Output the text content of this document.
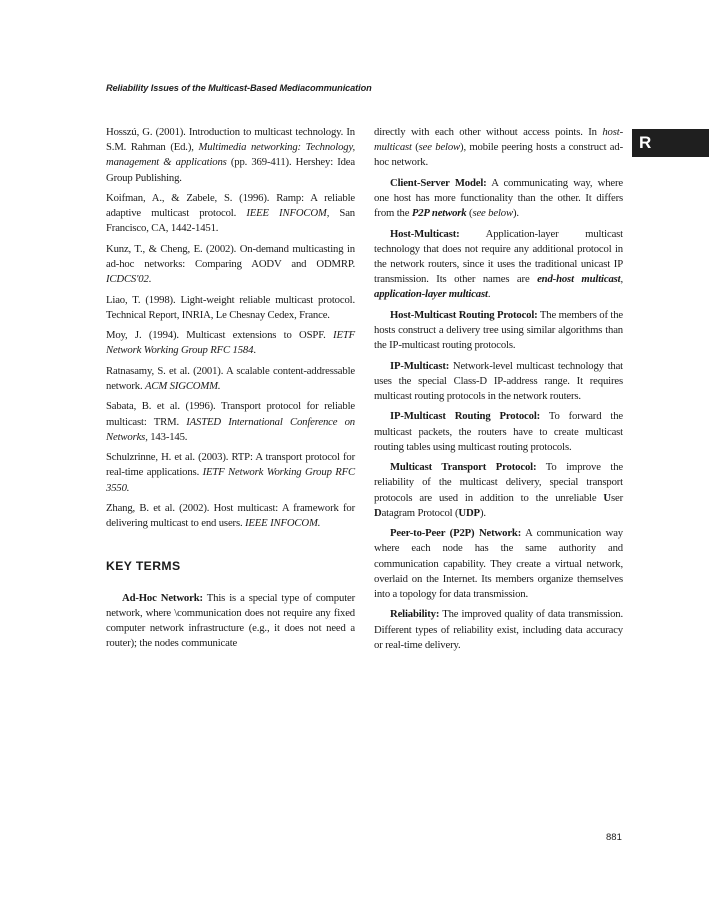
Reliability Issues of the Multicast-Based Mediacommunication
R

Hosszú, G. (2001). Introduction to multicast technology. In S.M. Rahman (Ed.), Multimedia networking: Technology, management & applications (pp. 369-411). Hershey: Idea Group Publishing.

Koifman, A., & Zabele, S. (1996). Ramp: A reliable adaptive multicast protocol. IEEE INFOCOM, San Francisco, CA, 1442-1451.

Kunz, T., & Cheng, E. (2002). On-demand multicasting in ad-hoc networks: Comparing AODV and ODMRP. ICDCS'02.

Liao, T. (1998). Light-weight reliable multicast protocol. Technical Report, INRIA, Le Chesnay Cedex, France.

Moy, J. (1994). Multicast extensions to OSPF. IETF Network Working Group RFC 1584.

Ratnasamy, S. et al. (2001). A scalable content-addressable network. ACM SIGCOMM.

Sabata, B. et al. (1996). Transport protocol for reliable multicast: TRM. IASTED International Conference on Networks, 143-145.

Schulzrinne, H. et al. (2003). RTP: A transport protocol for real-time applications. IETF Network Working Group RFC 3550.

Zhang, B. et al. (2002). Host multicast: A framework for delivering multicast to end users. IEEE INFOCOM.

KEY TERMS

Ad-Hoc Network: This is a special type of computer network, where \communication does not require any fixed computer network infrastructure (e.g., it does not need a router); the nodes communicate

directly with each other without access points. In host-multicast (see below), mobile peering hosts a construct ad-hoc network.

Client-Server Model: A communicating way, where one host has more functionality than the other. It differs from the P2P network (see below).

Host-Multicast: Application-layer multicast technology that does not require any additional protocol in the network routers, since it uses the traditional unicast IP transmission. Its other names are end-host multicast, application-layer multicast.

Host-Multicast Routing Protocol: The members of the hosts construct a delivery tree using similar algorithms than the IP-multicast routing protocols.

IP-Multicast: Network-level multicast technology that uses the special Class-D IP-address range. It requires multicast routing protocols in the network routers.

IP-Multicast Routing Protocol: To forward the multicast packets, the routers have to create multicast routing tables using multicast routing protocols.

Multicast Transport Protocol: To improve the reliability of the multicast delivery, special transport protocols are used in addition to the unreliable User Datagram Protocol (UDP).

Peer-to-Peer (P2P) Network: A communication way where each node has the same authority and communication capability. They create a virtual network, overlaid on the Internet. Its members organize themselves into a topology for data transmission.

Reliability: The improved quality of data transmission. Different types of reliability exist, including data accuracy or real-time delivery.

881
